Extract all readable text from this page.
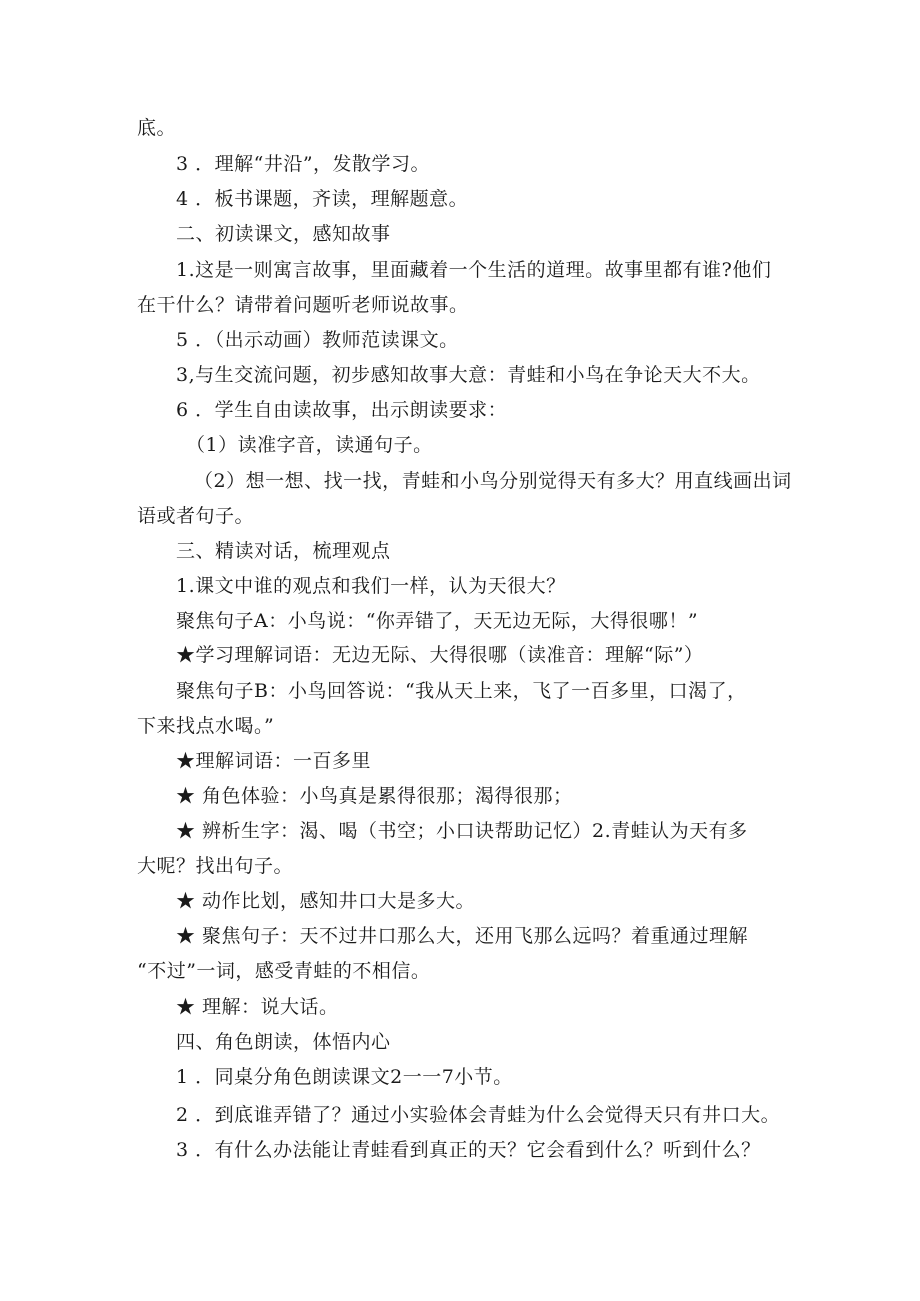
底。

3 ．理解“井沿”，发散学习。

4 ．板书课题，齐读，理解题意。

二、初读课文，感知故事

1.这是一则寓言故事，里面藏着一个生活的道理。故事里都有谁?他们

在干什么？请带着问题听老师说故事。

5 ．（出示动画）教师范读课文。

3,与生交流问题，初步感知故事大意：青蛙和小鸟在争论天大不大。

6 ．学生自由读故事，出示朗读要求：

（1）读准字音，读通句子。

（2）想一想、找一找，青蛙和小鸟分别觉得天有多大？用直线画出词

语或者句子。

三、精读对话，梳理观点

1.课文中谁的观点和我们一样，认为天很大？

聚焦句子A：小鸟说：“你弄错了，天无边无际，大得很哪！”

★学习理解词语：无边无际、大得很哪（读准音：理解“际”）

聚焦句子B：小鸟回答说：“我从天上来，飞了一百多里，口渴了，

下来找点水喝。”

★理解词语：一百多里

★ 角色体验：小鸟真是累得很那；渴得很那；

★ 辨析生字：渴、喝（书空；小口诀帮助记忆）2.青蛙认为天有多

大呢？找出句子。

★ 动作比划，感知井口大是多大。

★ 聚焦句子：天不过井口那么大，还用飞那么远吗？着重通过理解

“不过”一词，感受青蛙的不相信。

★ 理解：说大话。

四、角色朗读，体悟内心

1 ．同桌分角色朗读课文2一一7小节。

2 ．到底谁弄错了？通过小实验体会青蛙为什么会觉得天只有井口大。

3 ．有什么办法能让青蛙看到真正的天？它会看到什么？听到什么？
